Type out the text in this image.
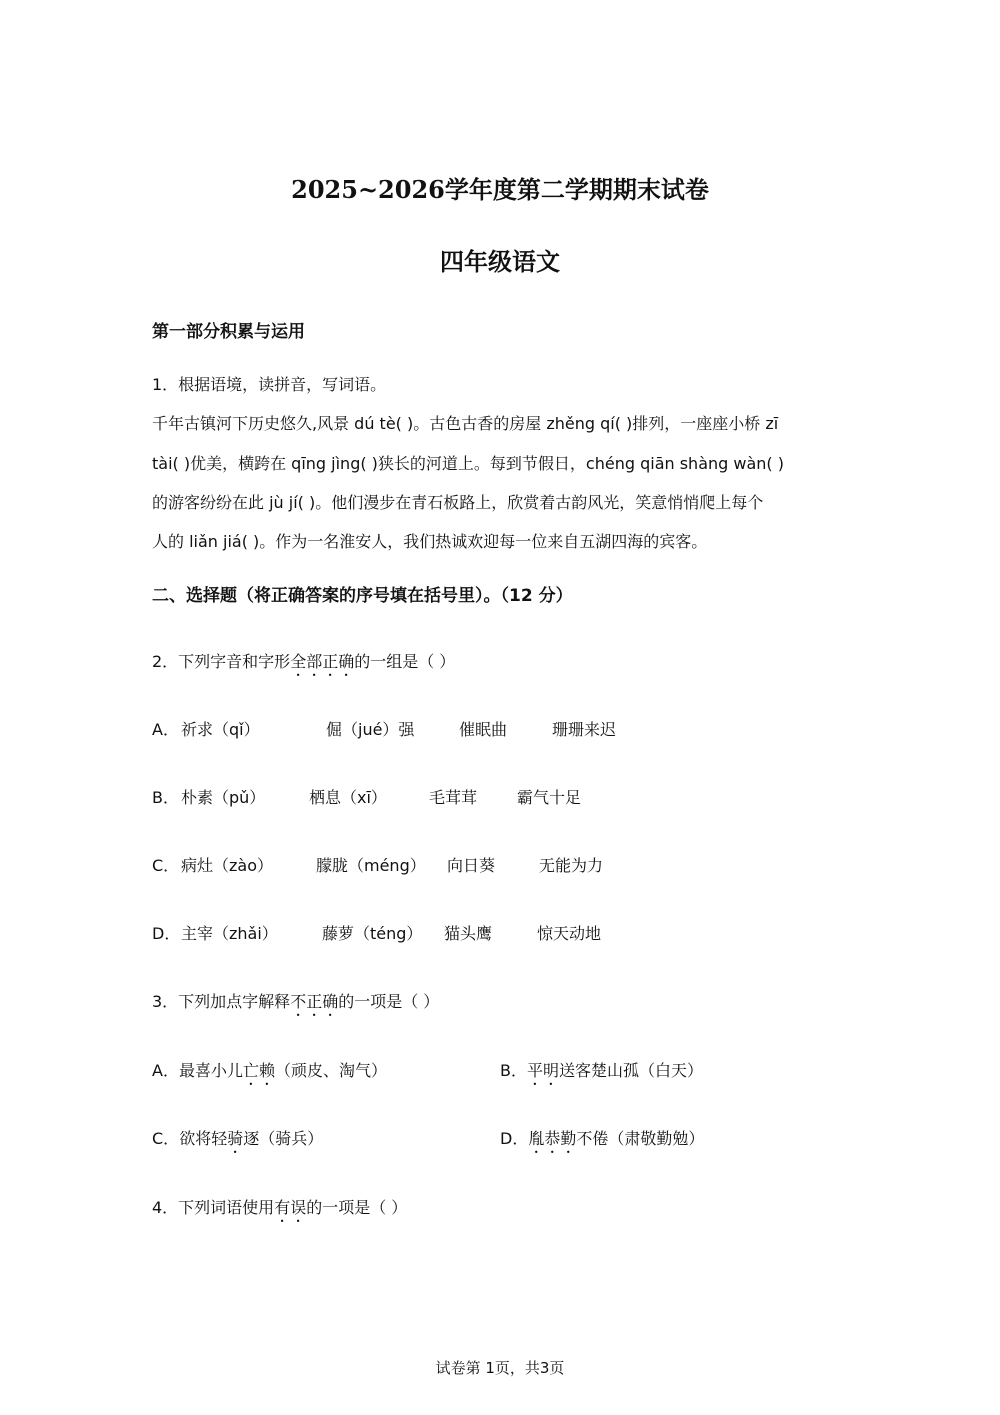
2025~2026学年度第二学期期末试卷
四年级语文
第一部分积累与运用
1．根据语境，读拼音，写词语。
千年古镇河下历史悠久,风景 dú tè( )。古色古香的房屋 zhěng qí( )排列，一座座小桥 zī
tài( )优美，横跨在 qīng jìng( )狭长的河道上。每到节假日，chéng qiān shàng wàn( )
的游客纷纷在此 jù jí( )。他们漫步在青石板路上，欣赏着古韵风光，笑意悄悄爬上每个
人的 liǎn jiá( )。作为一名淮安人，我们热诚欢迎每一位来自五湖四海的宾客。
二、选择题（将正确答案的序号填在括号里）。（12 分）
2．下列字音和字形全部正确的一组是（ ）
A． 祈求（qǐ）	倔（jué）强	催眠曲	珊珊来迟
B． 朴素（pǔ）	栖息（xī）	毛茸茸 霸气十足
C． 病灶（zào）	朦胧（méng） 向日葵	无能为力
D． 主宰（zhǎi）	藤萝（téng） 猫头鹰	惊天动地
3．下列加点字解释不正确的一项是（ ）
A．最喜小儿亡赖（顽皮、淘气）	B．平明送客楚山孤（白天）
C．欲将轻骑逐（骑兵）	D．胤恭勤不倦（肃敬勤勉）
4．下列词语使用有误的一项是（ ）
试卷第 1页，共3页
